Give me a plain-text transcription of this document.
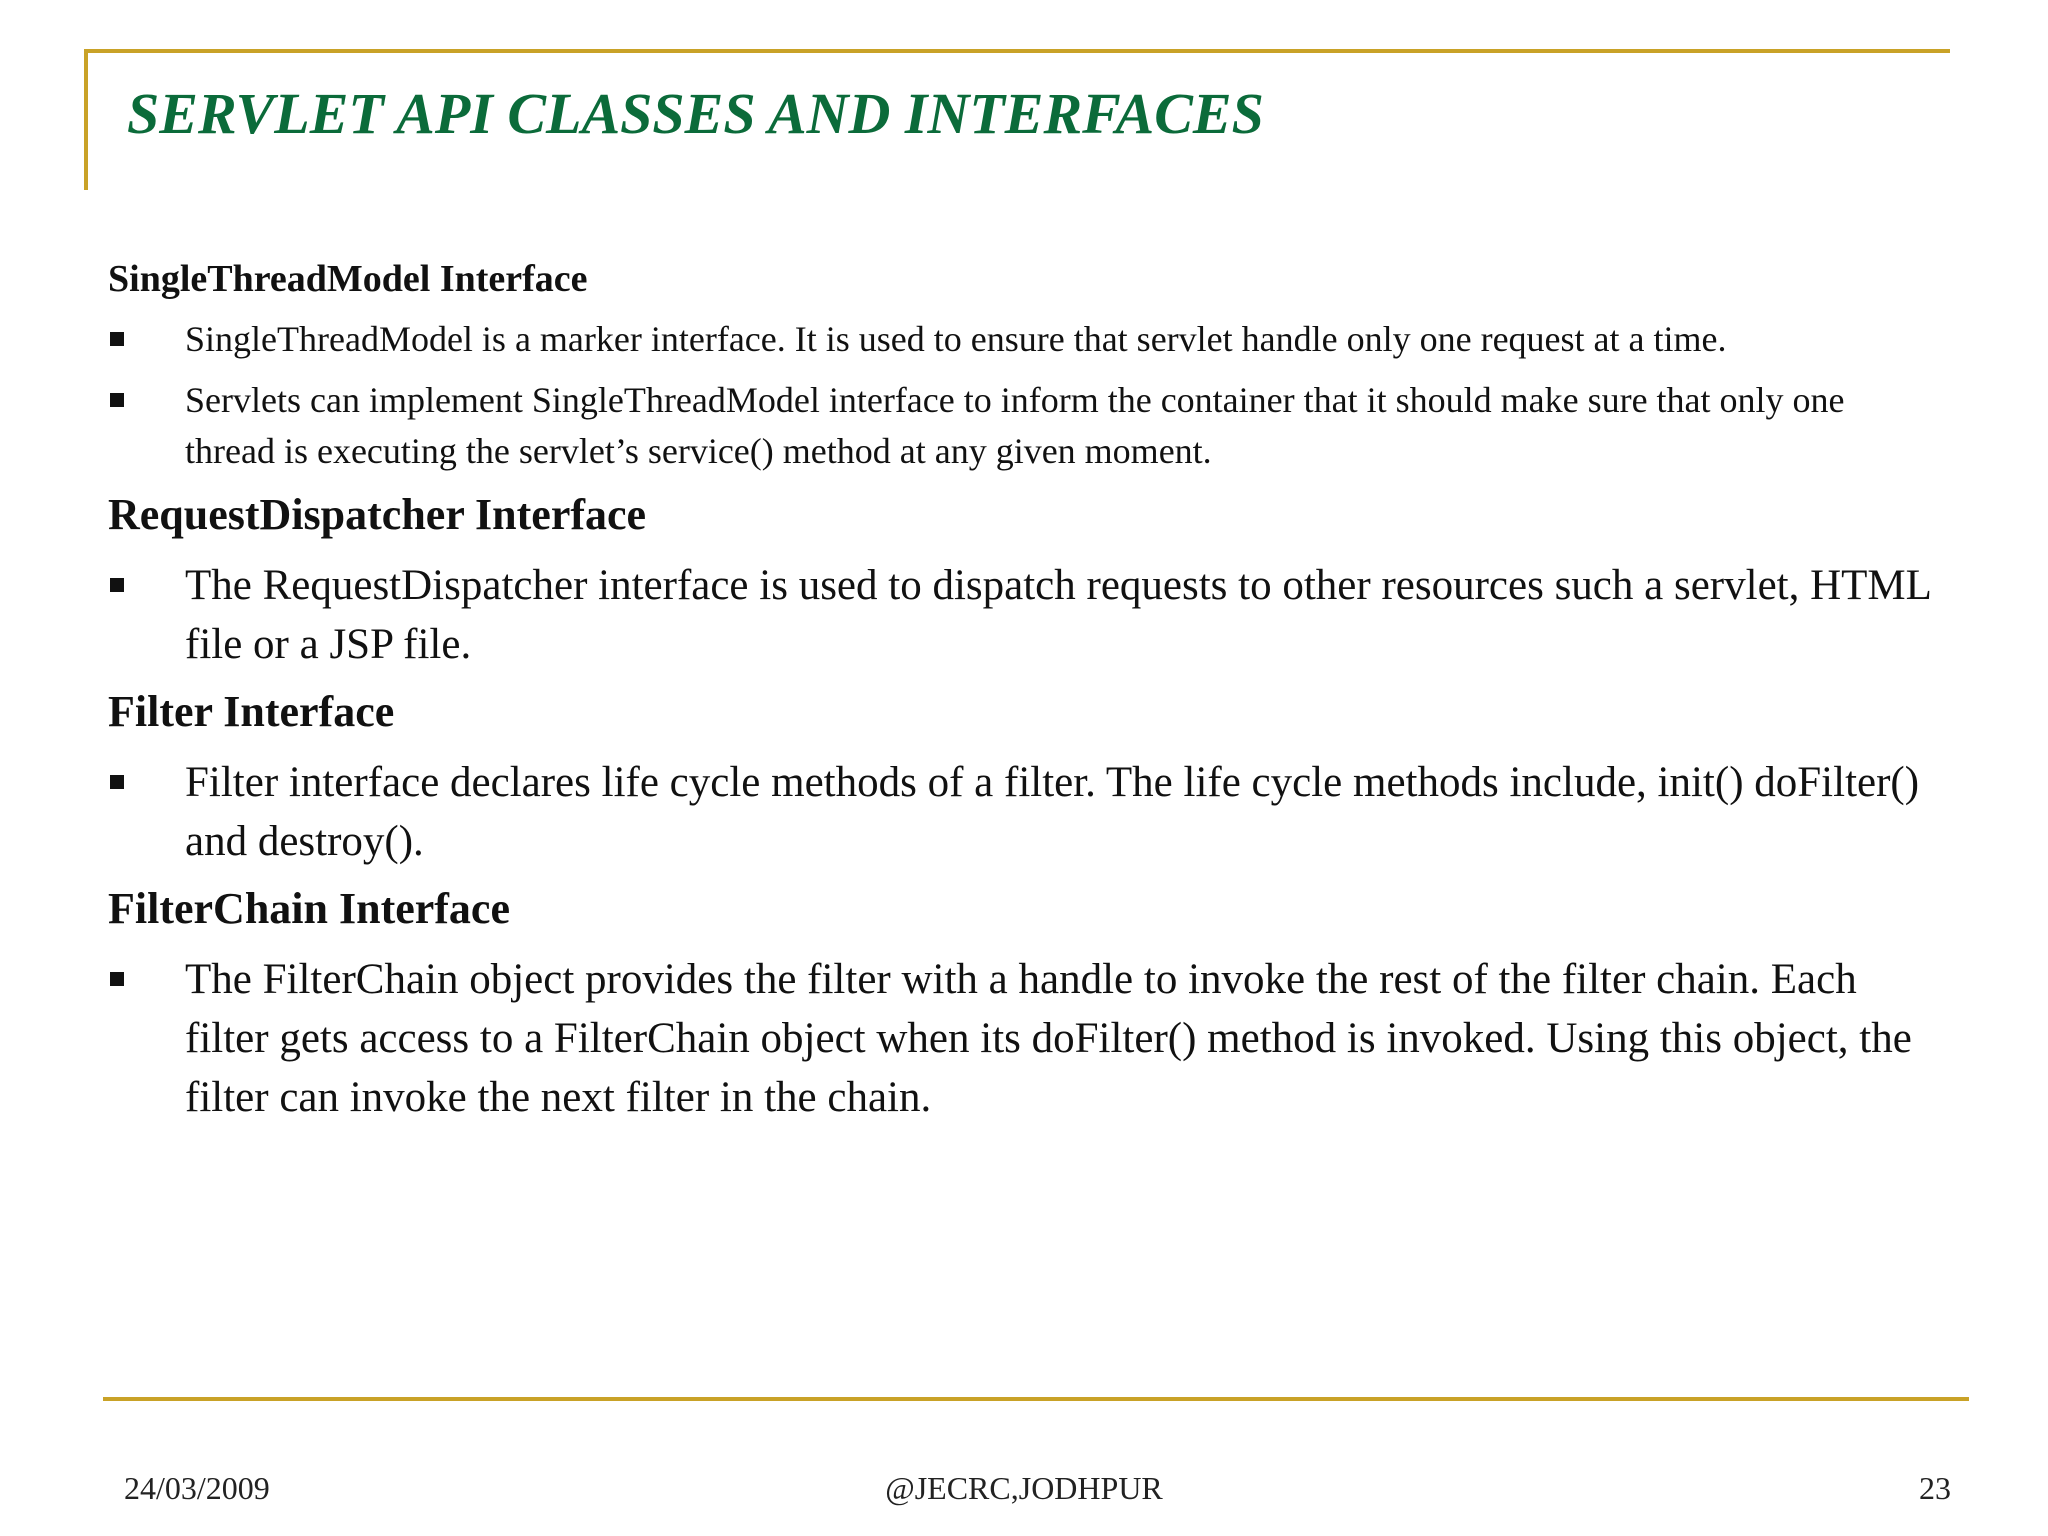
SERVLET API CLASSES AND INTERFACES
SingleThreadModel Interface

SingleThreadModel is a marker interface. It is used to ensure that servlet handle only one request at a time.

Servlets can implement SingleThreadModel interface to inform the container that it should make sure that only one thread is executing the servlet’s service() method at any given moment.

RequestDispatcher Interface

The RequestDispatcher interface is used to dispatch requests to other resources such a servlet, HTML file or a JSP file.

Filter Interface

Filter interface declares life cycle methods of a filter. The life cycle methods include, init() doFilter() and destroy().

FilterChain Interface

The FilterChain object provides the filter with a handle to invoke the rest of the filter chain. Each filter gets access to a FilterChain object when its doFilter() method is invoked. Using this object, the filter can invoke the next filter in the chain.

24/03/2009	@JECRC,JODHPUR	23
